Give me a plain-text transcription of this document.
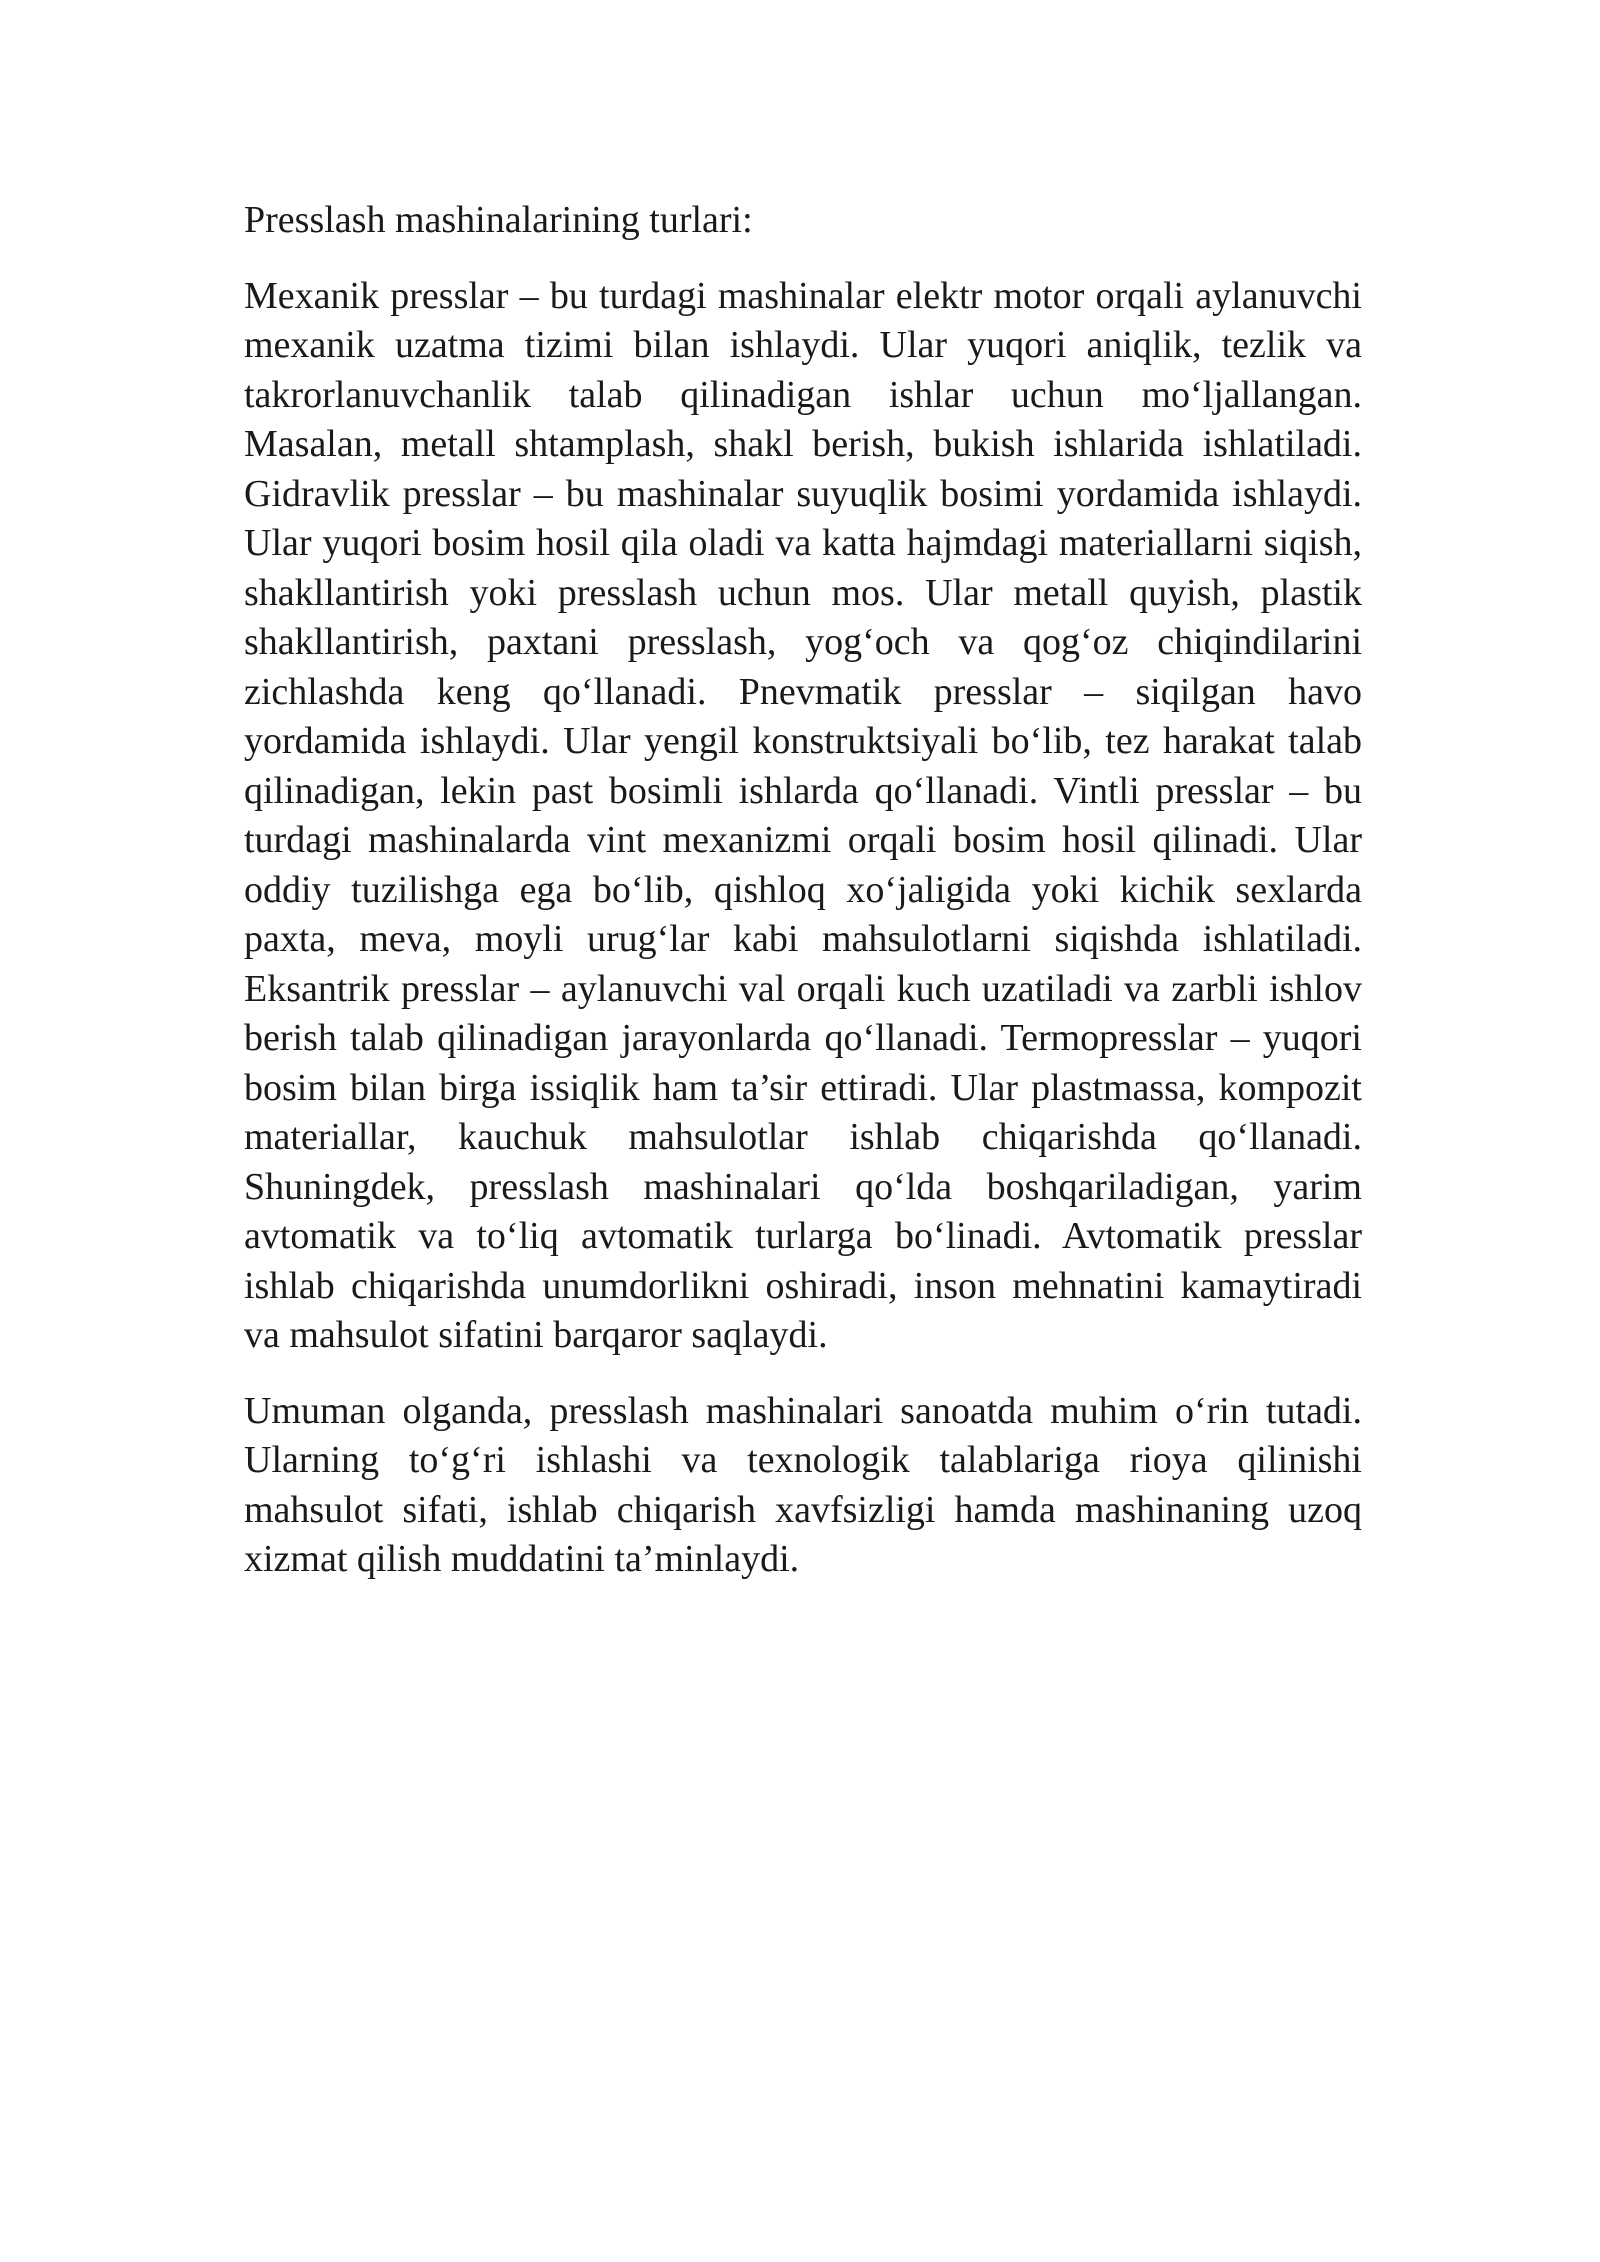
Presslash mashinalarining turlari:

Mexanik presslar – bu turdagi mashinalar elektr motor orqali aylanuvchi mexanik uzatma tizimi bilan ishlaydi. Ular yuqori aniqlik, tezlik va takrorlanuvchanlik talab qilinadigan ishlar uchun mo‘ljallangan. Masalan, metall shtamplash, shakl berish, bukish ishlarida ishlatiladi. Gidravlik presslar – bu mashinalar suyuqlik bosimi yordamida ishlaydi. Ular yuqori bosim hosil qila oladi va katta hajmdagi materiallarni siqish, shakllantirish yoki presslash uchun mos. Ular metall quyish, plastik shakllantirish, paxtani presslash, yog‘och va qog‘oz chiqindilarini zichlashda keng qo‘llanadi. Pnevmatik presslar – siqilgan havo yordamida ishlaydi. Ular yengil konstruktsiyali bo‘lib, tez harakat talab qilinadigan, lekin past bosimli ishlarda qo‘llanadi. Vintli presslar – bu turdagi mashinalarda vint mexanizmi orqali bosim hosil qilinadi. Ular oddiy tuzilishga ega bo‘lib, qishloq xo‘jaligida yoki kichik sexlarda paxta, meva, moyli urug‘lar kabi mahsulotlarni siqishda ishlatiladi. Eksantrik presslar – aylanuvchi val orqali kuch uzatiladi va zarbli ishlov berish talab qilinadigan jarayonlarda qo‘llanadi. Termopresslar – yuqori bosim bilan birga issiqlik ham ta’sir ettiradi. Ular plastmassa, kompozit materiallar, kauchuk mahsulotlar ishlab chiqarishda qo‘llanadi. Shuningdek, presslash mashinalari qo‘lda boshqariladigan, yarim avtomatik va to‘liq avtomatik turlarga bo‘linadi. Avtomatik presslar ishlab chiqarishda unumdorlikni oshiradi, inson mehnatini kamaytiradi va mahsulot sifatini barqaror saqlaydi.

Umuman olganda, presslash mashinalari sanoatda muhim o‘rin tutadi. Ularning to‘g‘ri ishlashi va texnologik talablariga rioya qilinishi mahsulot sifati, ishlab chiqarish xavfsizligi hamda mashinaning uzoq xizmat qilish muddatini ta’minlaydi.
